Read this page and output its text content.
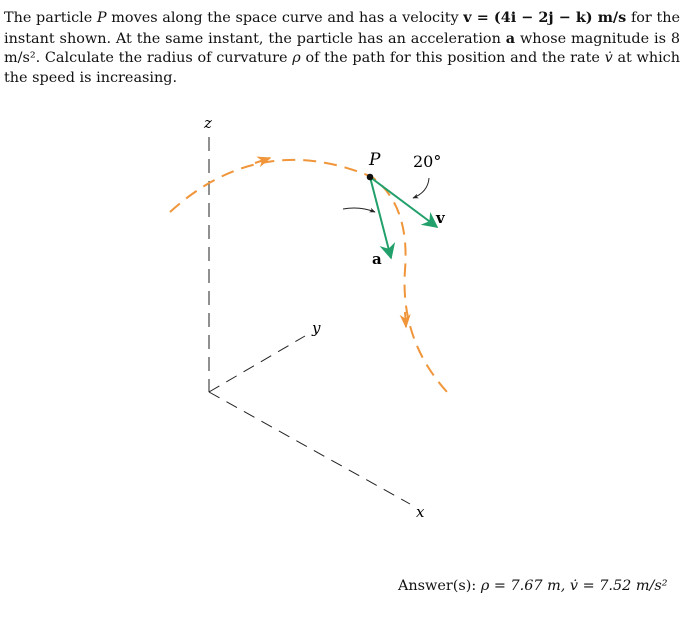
The particle P moves along the space curve and has a velocity v = (4i − 2j − k) m/s for the instant shown. At the same instant, the particle has an acceleration a whose magnitude is 8 m/s². Calculate the radius of curvature ρ of the path for this position and the rate v̇ at which the speed is increasing.

z
y
x
P 20°
v
a
Answer(s): ρ = 7.67 m, v̇ = 7.52 m/s²
